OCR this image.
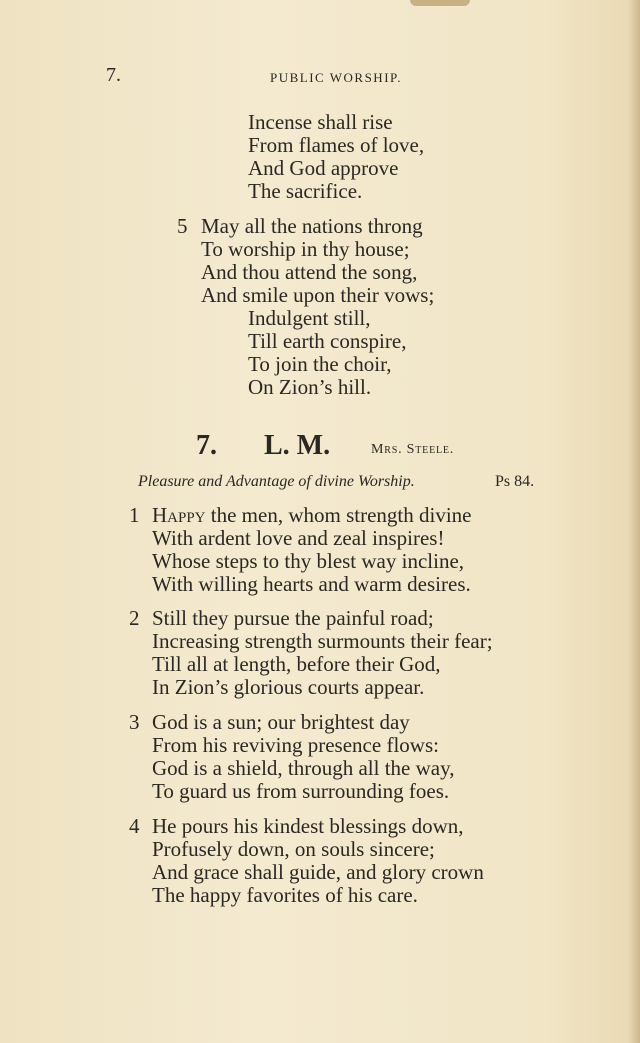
7.	PUBLIC WORSHIP.
Incense shall rise
From flames of love,
And God approve
The sacrifice.
5 May all the nations throng
To worship in thy house;
And thou attend the song,
And smile upon their vows;
Indulgent still,
Till earth conspire,
To join the choir,
On Zion’s hill.
7. L. M.	Mrs. Steele.
Pleasure and Advantage of divine Worship.	Ps 84.
1 Happy the men, whom strength divine
With ardent love and zeal inspires!
Whose steps to thy blest way incline,
With willing hearts and warm desires.
2 Still they pursue the painful road;
Increasing strength surmounts their fear;
Till all at length, before their God,
In Zion’s glorious courts appear.
3 God is a sun; our brightest day
From his reviving presence flows:
God is a shield, through all the way,
To guard us from surrounding foes.
4 He pours his kindest blessings down,
Profusely down, on souls sincere;
And grace shall guide, and glory crown
The happy favorites of his care.
